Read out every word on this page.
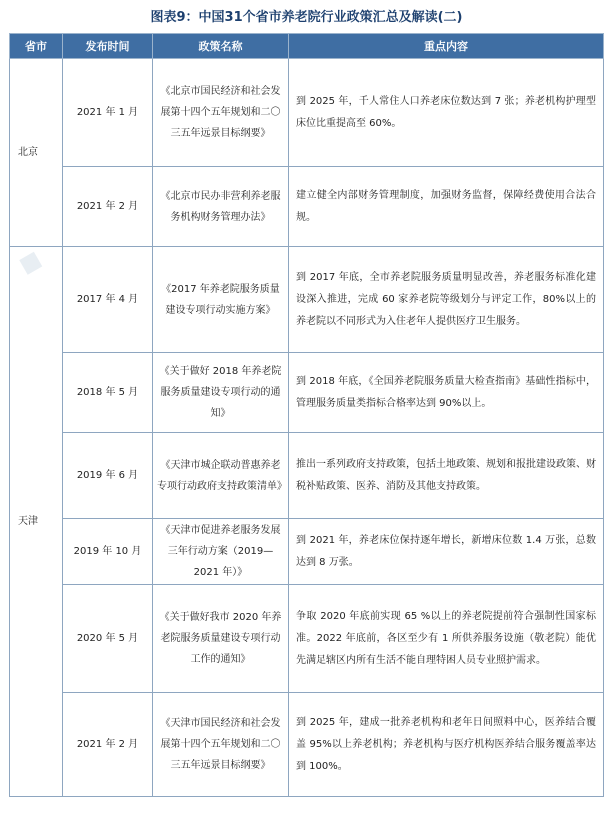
图表9：中国31个省市养老院行业政策汇总及解读(二)
■
省市	发布时间	政策名称	重点内容
北京	2021 年 1 月	《北京市国民经济和社会发展第十四个五年规划和二〇三五年远景目标纲要》	到 2025 年，千人常住人口养老床位数达到 7 张；养老机构护理型床位比重提高至 60%。
	2021 年 2 月	《北京市民办非营利养老服务机构财务管理办法》	建立健全内部财务管理制度，加强财务监督，保障经费使用合法合规。
天津	2017 年 4 月	《2017 年养老院服务质量建设专项行动实施方案》	到 2017 年底，全市养老院服务质量明显改善，养老服务标准化建设深入推进，完成 60 家养老院等级划分与评定工作，80%以上的养老院以不同形式为入住老年人提供医疗卫生服务。
	2018 年 5 月	《关于做好 2018 年养老院服务质量建设专项行动的通知》	到 2018 年底，《全国养老院服务质量大检查指南》基础性指标中，管理服务质量类指标合格率达到 90%以上。
	2019 年 6 月	《天津市城企联动普惠养老专项行动政府支持政策清单》	推出一系列政府支持政策，包括土地政策、规划和报批建设政策、财税补贴政策、医养、消防及其他支持政策。
	2019 年 10 月	《天津市促进养老服务发展三年行动方案（2019—2021 年）》	到 2021 年，养老床位保持逐年增长，新增床位数 1.4 万张，总数达到 8 万张。
	2020 年 5 月	《关于做好我市 2020 年养老院服务质量建设专项行动工作的通知》	争取 2020 年底前实现 65 %以上的养老院提前符合强制性国家标准。2022 年底前，各区至少有 1 所供养服务设施（敬老院）能优先满足辖区内所有生活不能自理特困人员专业照护需求。
	2021 年 2 月	《天津市国民经济和社会发展第十四个五年规划和二〇三五年远景目标纲要》	到 2025 年，建成一批养老机构和老年日间照料中心，医养结合覆盖 95%以上养老机构；养老机构与医疗机构医养结合服务覆盖率达到 100%。
